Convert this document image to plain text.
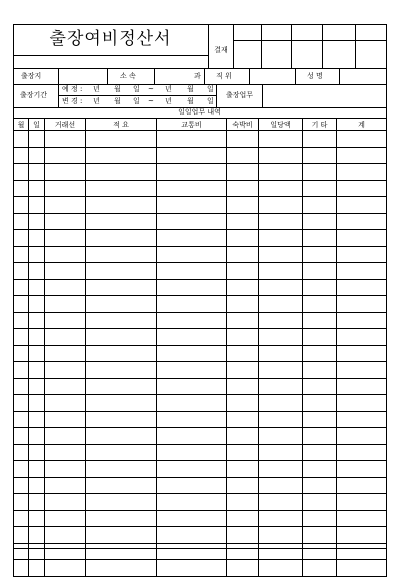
출장여비정산서
결재
출장지	소 속	과 직 위	성 명
출장기간
예 정 : 년 월 일 ~ 년 월 일
변 경 : 년 월 일 ~ 년 월 일
출장업무
일일업무 내역
월	일	거래선	적 요	교통비	숙박비	일당액	기 타	계
